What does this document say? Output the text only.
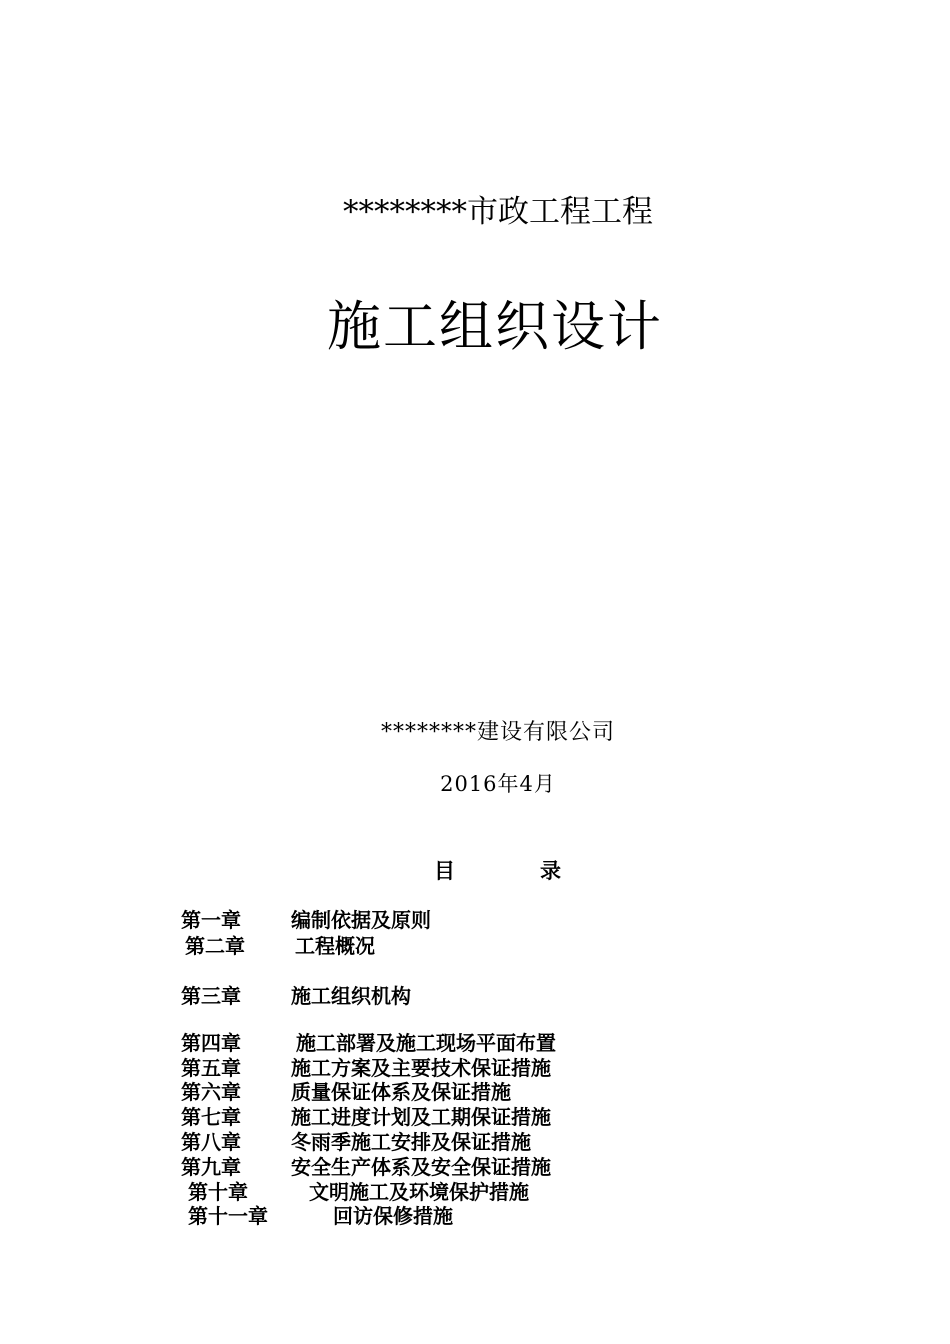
********市政工程工程
施工组织设计
********建设有限公司
2016年4月
目	录
第一章	编制依据及原则
第二章	工程概况
第三章	施工组织机构
第四章	施工部署及施工现场平面布置
第五章	施工方案及主要技术保证措施
第六章	质量保证体系及保证措施
第七章	施工进度计划及工期保证措施
第八章	冬雨季施工安排及保证措施
第九章	安全生产体系及安全保证措施
第十章	文明施工及环境保护措施
第十一章	回访保修措施
